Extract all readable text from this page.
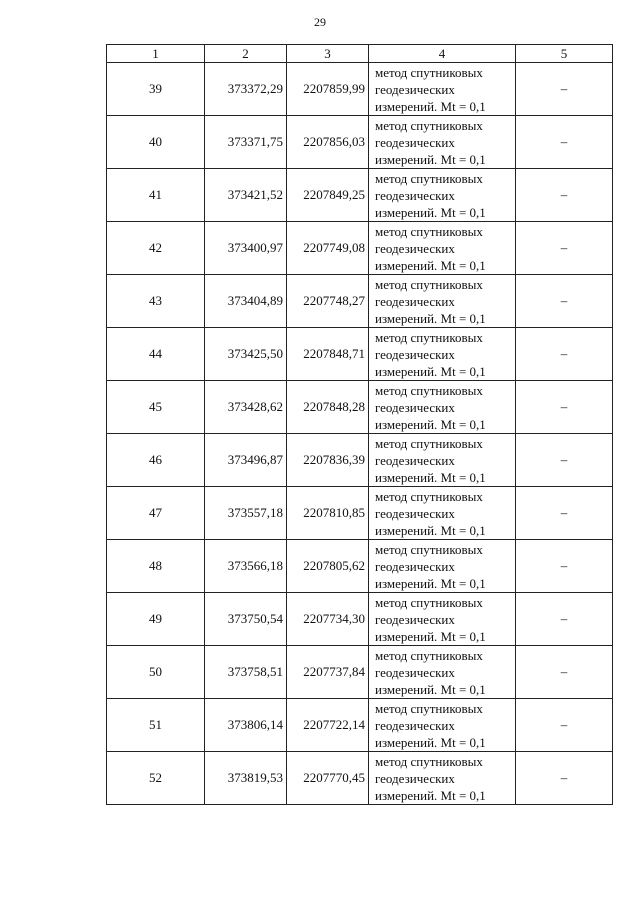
29
1	2	3	4	5
39	373372,29	2207859,99	метод спутниковых
геодезических
измерений. Mt = 0,1	–
40	373371,75	2207856,03	метод спутниковых
геодезических
измерений. Mt = 0,1	–
41	373421,52	2207849,25	метод спутниковых
геодезических
измерений. Mt = 0,1	–
42	373400,97	2207749,08	метод спутниковых
геодезических
измерений. Mt = 0,1	–
43	373404,89	2207748,27	метод спутниковых
геодезических
измерений. Mt = 0,1	–
44	373425,50	2207848,71	метод спутниковых
геодезических
измерений. Mt = 0,1	–
45	373428,62	2207848,28	метод спутниковых
геодезических
измерений. Mt = 0,1	–
46	373496,87	2207836,39	метод спутниковых
геодезических
измерений. Mt = 0,1	–
47	373557,18	2207810,85	метод спутниковых
геодезических
измерений. Mt = 0,1	–
48	373566,18	2207805,62	метод спутниковых
геодезических
измерений. Mt = 0,1	–
49	373750,54	2207734,30	метод спутниковых
геодезических
измерений. Mt = 0,1	–
50	373758,51	2207737,84	метод спутниковых
геодезических
измерений. Mt = 0,1	–
51	373806,14	2207722,14	метод спутниковых
геодезических
измерений. Mt = 0,1	–
52	373819,53	2207770,45	метод спутниковых
геодезических
измерений. Mt = 0,1	–
